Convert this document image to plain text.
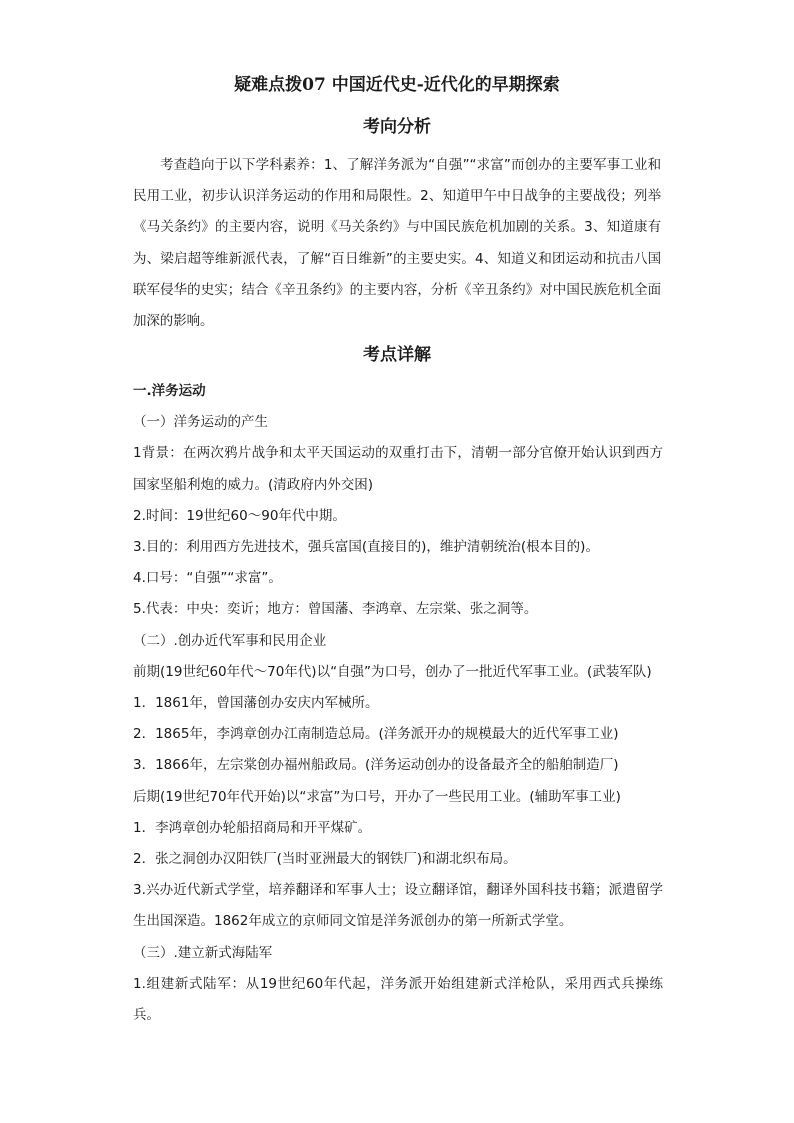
疑难点拨07 中国近代史-近代化的早期探索
考向分析
考查趋向于以下学科素养：1、了解洋务派为“自强”“求富”而创办的主要军事工业和民用工业，初步认识洋务运动的作用和局限性。2、知道甲午中日战争的主要战役；列举《马关条约》的主要内容，说明《马关条约》与中国民族危机加剧的关系。3、知道康有为、梁启超等维新派代表，了解“百日维新”的主要史实。4、知道义和团运动和抗击八国联军侵华的史实；结合《辛丑条约》的主要内容，分析《辛丑条约》对中国民族危机全面加深的影响。
考点详解
一.洋务运动
（一）洋务运动的产生
1背景：在两次鸦片战争和太平天国运动的双重打击下，清朝一部分官僚开始认识到西方国家坚船利炮的威力。(清政府内外交困)
2.时间：19世纪60～90年代中期。
3.目的：利用西方先进技术，强兵富国(直接目的)，维护清朝统治(根本目的)。
4.口号：“自强”“求富”。
5.代表：中央：奕䜣；地方：曾国藩、李鸿章、左宗棠、张之洞等。
（二）.创办近代军事和民用企业
前期(19世纪60年代～70年代)以“自强”为口号，创办了一批近代军事工业。(武装军队)
1．1861年，曾国藩创办安庆内军械所。
2．1865年，李鸿章创办江南制造总局。(洋务派开办的规模最大的近代军事工业)
3．1866年，左宗棠创办福州船政局。(洋务运动创办的设备最齐全的船舶制造厂)
后期(19世纪70年代开始)以“求富”为口号，开办了一些民用工业。(辅助军事工业)
1．李鸿章创办轮船招商局和开平煤矿。
2．张之洞创办汉阳铁厂(当时亚洲最大的钢铁厂)和湖北织布局。
3.兴办近代新式学堂，培养翻译和军事人士；设立翻译馆，翻译外国科技书籍；派遣留学生出国深造。1862年成立的京师同文馆是洋务派创办的第一所新式学堂。
（三）.建立新式海陆军
1.组建新式陆军：从19世纪60年代起，洋务派开始组建新式洋枪队，采用西式兵操练兵。
